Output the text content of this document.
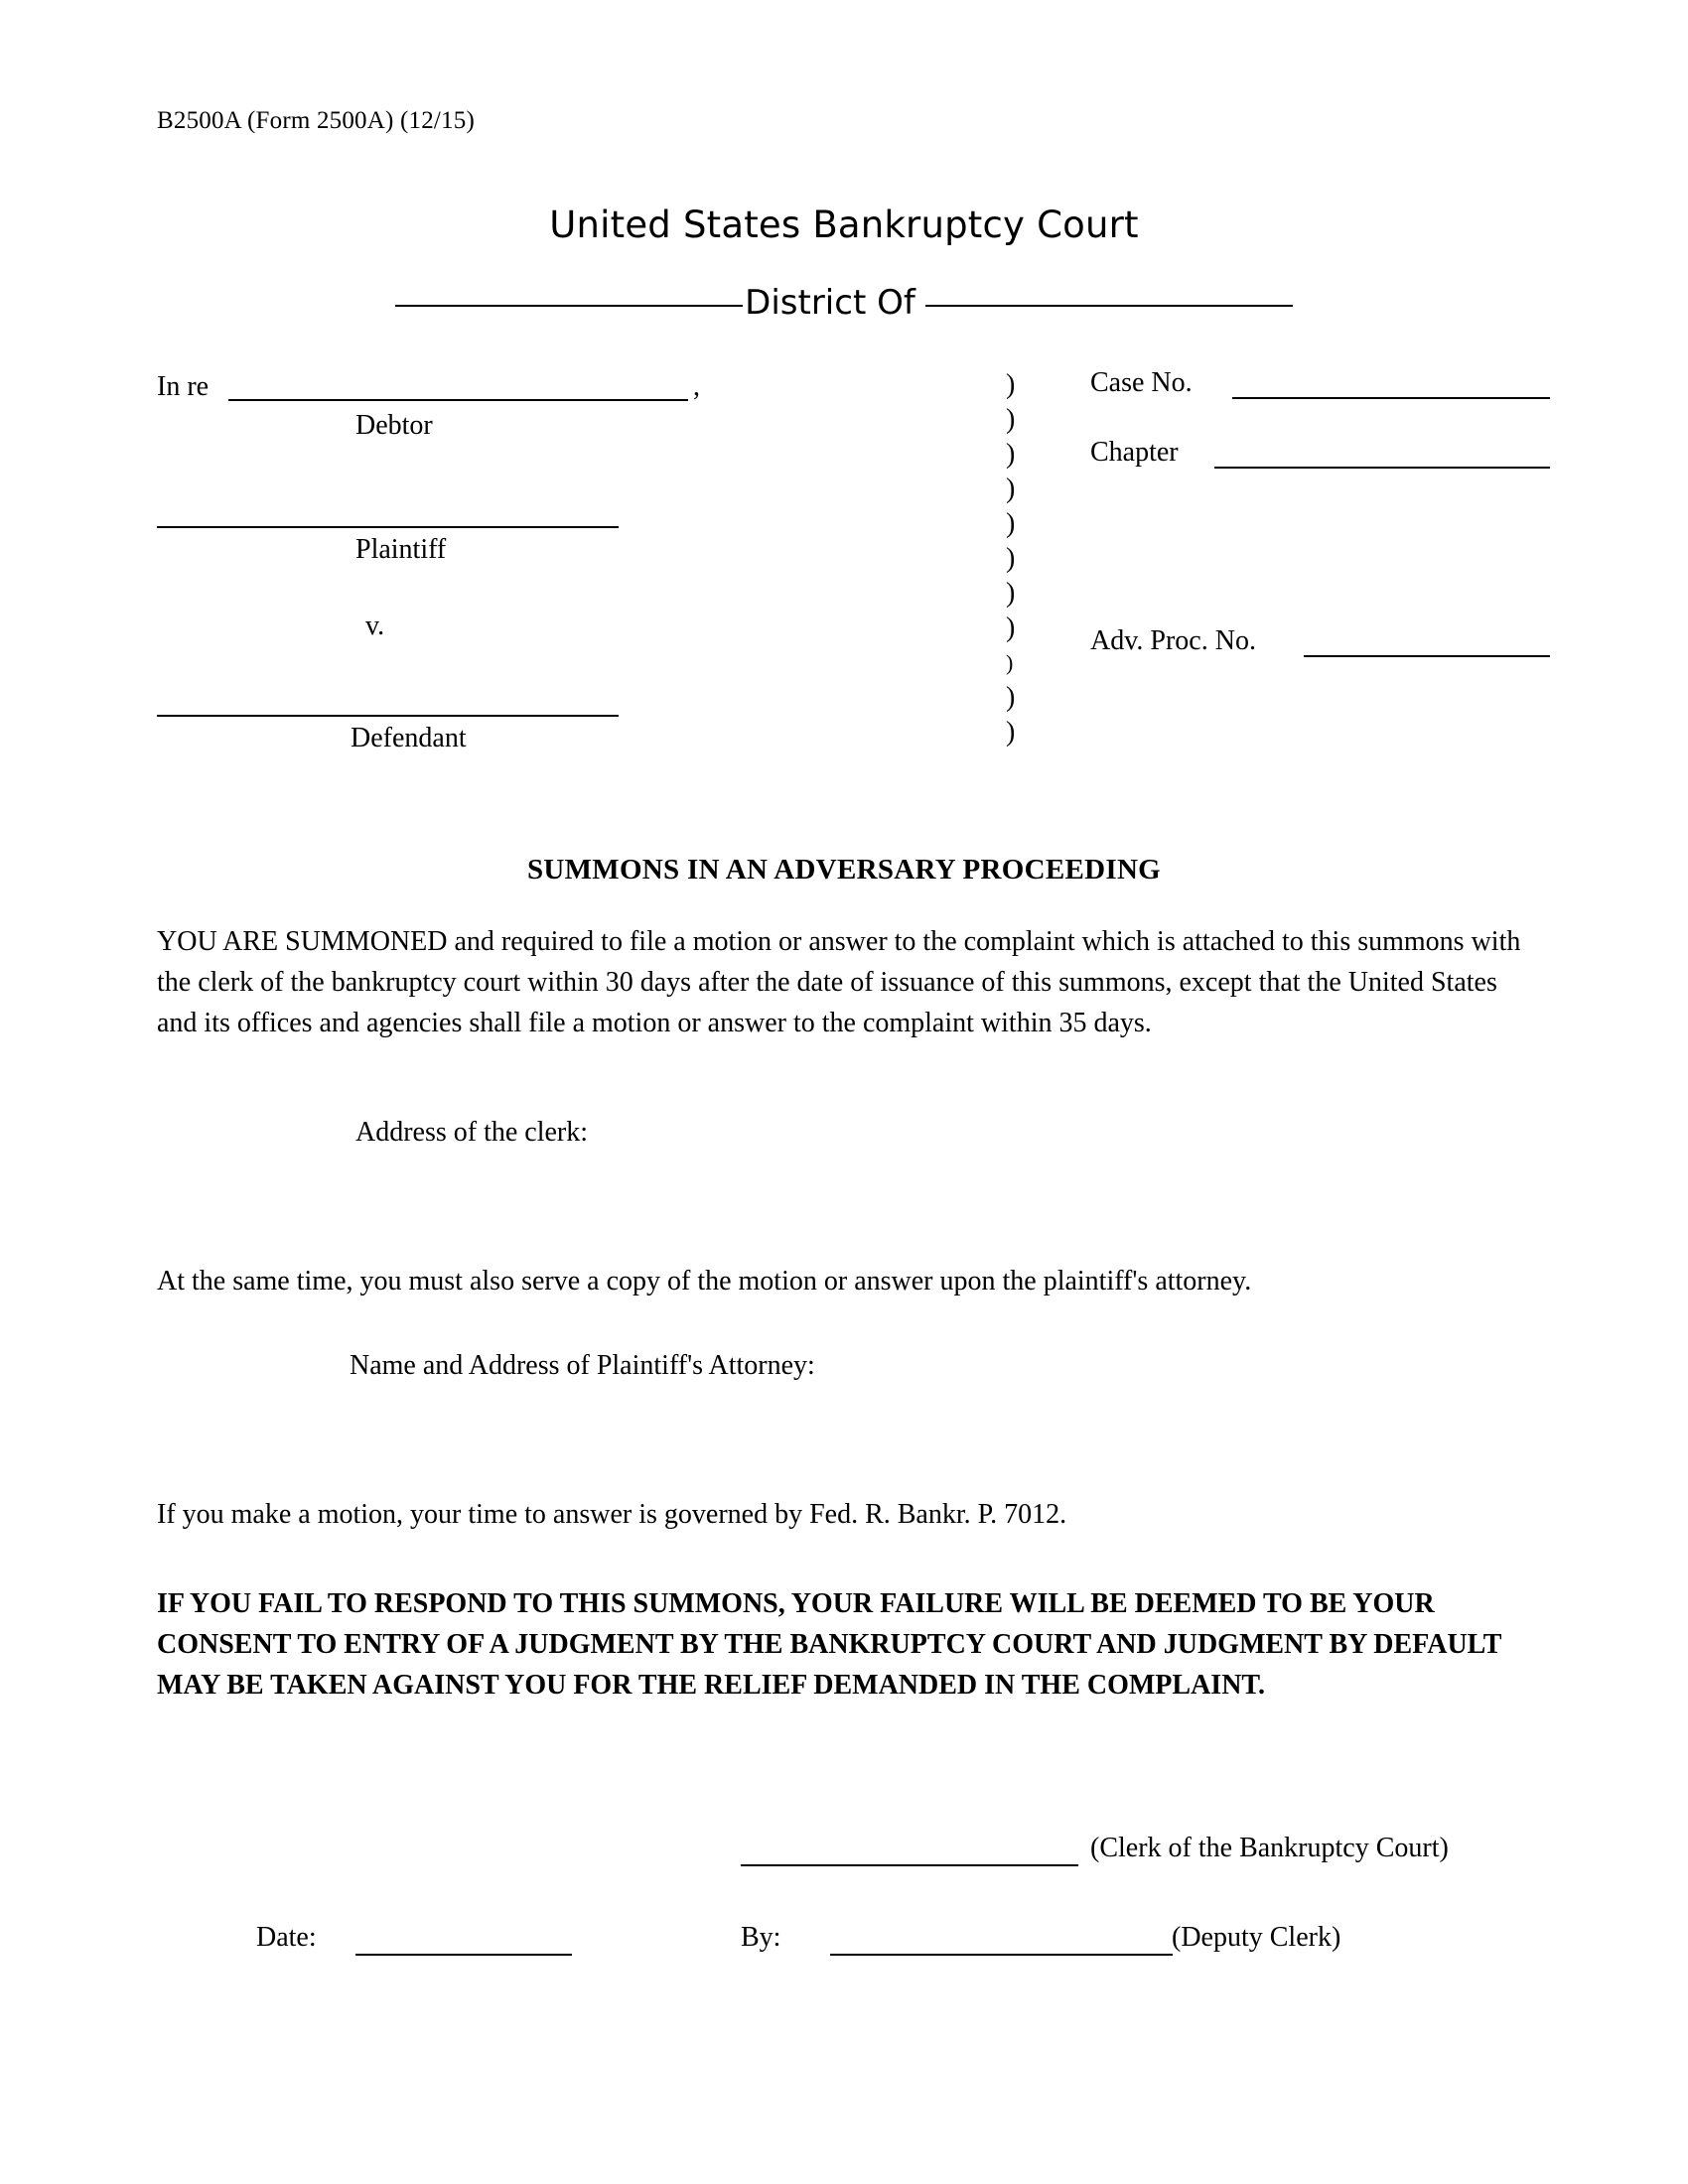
B2500A (Form 2500A) (12/15)
United States Bankruptcy Court
District Of
In re	,
Debtor
Plaintiff
v.
Defendant
)
)
)
)
)
)
)
)
)
)
)
Case No.
Chapter
Adv. Proc. No.
SUMMONS IN AN ADVERSARY PROCEEDING
YOU ARE SUMMONED and required to file a motion or answer to the complaint which is attached to this summons with the clerk of the bankruptcy court within 30 days after the date of issuance of this summons, except that the United States and its offices and agencies shall file a motion or answer to the complaint within 35 days.
Address of the clerk:
At the same time, you must also serve a copy of the motion or answer upon the plaintiff's attorney.
Name and Address of Plaintiff's Attorney:
If you make a motion, your time to answer is governed by Fed. R. Bankr. P. 7012.
IF YOU FAIL TO RESPOND TO THIS SUMMONS, YOUR FAILURE WILL BE DEEMED TO BE YOUR CONSENT TO ENTRY OF A JUDGMENT BY THE BANKRUPTCY COURT AND JUDGMENT BY DEFAULT MAY BE TAKEN AGAINST YOU FOR THE RELIEF DEMANDED IN THE COMPLAINT.
(Clerk of the Bankruptcy Court)
Date:	By:	(Deputy Clerk)
